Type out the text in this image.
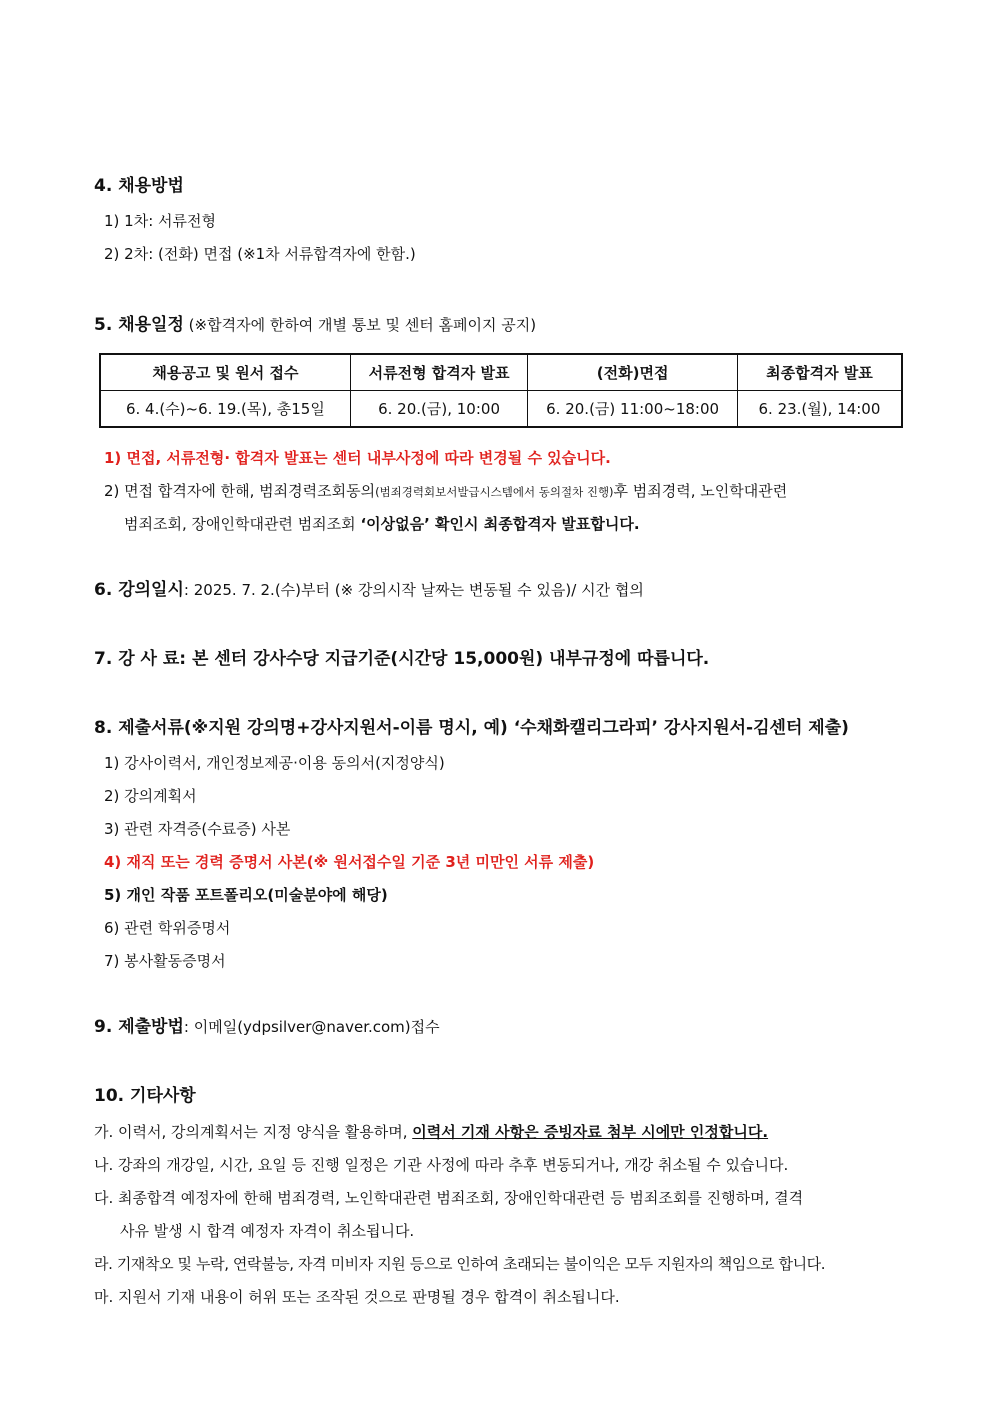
4. 채용방법
1) 1차: 서류전형
2) 2차: (전화) 면접 (※1차 서류합격자에 한함.)
5. 채용일정 (※합격자에 한하여 개별 통보 및 센터 홈페이지 공지)
채용공고 및 원서 접수	서류전형 합격자 발표	(전화)면접	최종합격자 발표
6. 4.(수)~6. 19.(목), 총15일	6. 20.(금), 10:00	6. 20.(금) 11:00~18:00	6. 23.(월), 14:00
1) 면접, 서류전형· 합격자 발표는 센터 내부사정에 따라 변경될 수 있습니다.
2) 면접 합격자에 한해, 범죄경력조회동의(범죄경력회보서발급시스템에서 동의절차 진행)후 범죄경력, 노인학대관련
범죄조회, 장애인학대관련 범죄조회 ‘이상없음’ 확인시 최종합격자 발표합니다.
6. 강의일시: 2025. 7. 2.(수)부터 (※ 강의시작 날짜는 변동될 수 있음)/ 시간 협의
7. 강 사 료: 본 센터 강사수당 지급기준(시간당 15,000원) 내부규정에 따릅니다.
8. 제출서류(※지원 강의명+강사지원서-이름 명시, 예) ‘수채화캘리그라피’ 강사지원서-김센터 제출)
1) 강사이력서, 개인정보제공·이용 동의서(지정양식)
2) 강의계획서
3) 관련 자격증(수료증) 사본
4) 재직 또는 경력 증명서 사본(※ 원서접수일 기준 3년 미만인 서류 제출)
5) 개인 작품 포트폴리오(미술분야에 해당)
6) 관련 학위증명서
7) 봉사활동증명서
9. 제출방법: 이메일(ydpsilver@naver.com)접수
10. 기타사항
가. 이력서, 강의계획서는 지정 양식을 활용하며, 이력서 기재 사항은 증빙자료 첨부 시에만 인정합니다.
나. 강좌의 개강일, 시간, 요일 등 진행 일정은 기관 사정에 따라 추후 변동되거나, 개강 취소될 수 있습니다.
다. 최종합격 예정자에 한해 범죄경력, 노인학대관련 범죄조회, 장애인학대관련 등 범죄조회를 진행하며, 결격
사유 발생 시 합격 예정자 자격이 취소됩니다.
라. 기재착오 및 누락, 연락불능, 자격 미비자 지원 등으로 인하여 초래되는 불이익은 모두 지원자의 책임으로 합니다.
마. 지원서 기재 내용이 허위 또는 조작된 것으로 판명될 경우 합격이 취소됩니다.
